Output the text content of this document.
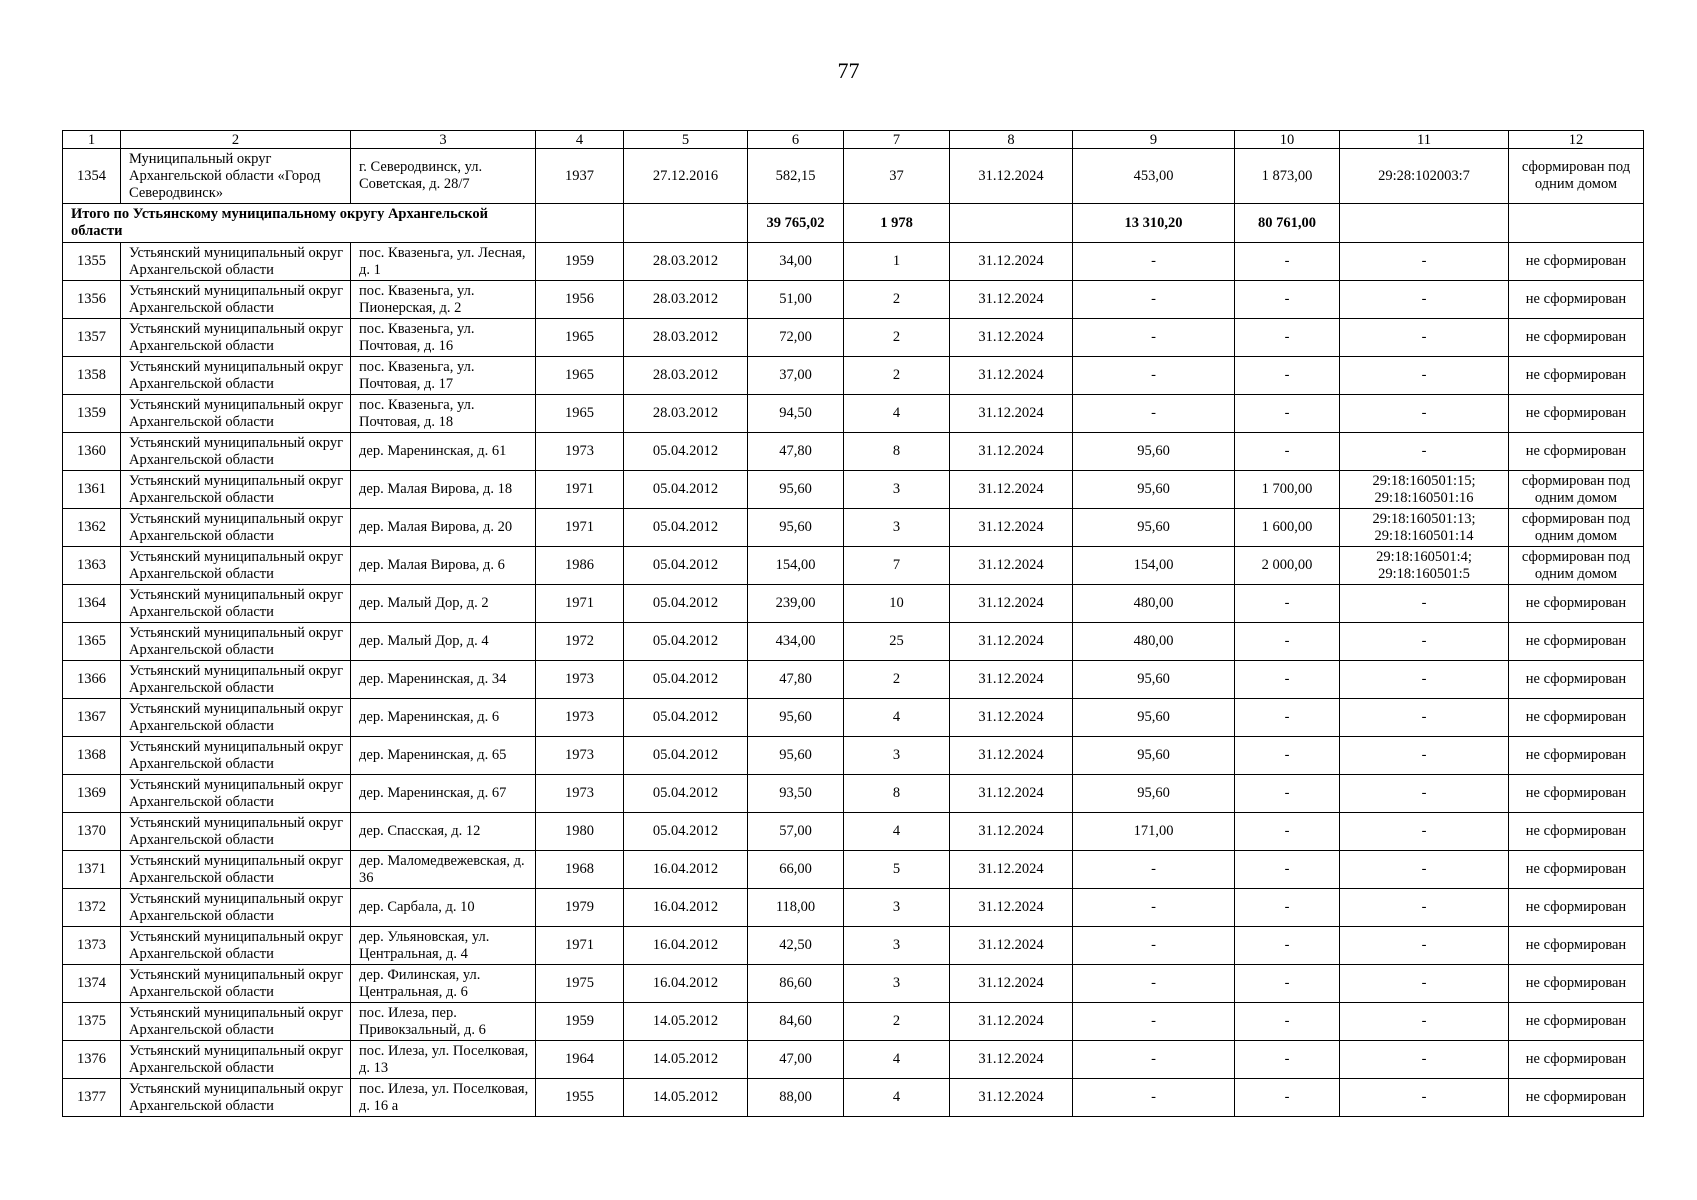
77
1	2	3	4	5	6	7	8	9	10	11	12
1354	Муниципальный округ Архангельской области «Город Северодвинск»	г. Северодвинск, ул. Советская, д. 28/7	1937	27.12.2016	582,15	37	31.12.2024	453,00	1 873,00	29:28:102003:7	сформирован под одним домом
Итого по Устьянскому муниципальному округу Архангельской области					39 765,02	1 978		13 310,20	80 761,00		
1355	Устьянский муниципальный округ Архангельской области	пос. Квазеньга, ул. Лесная, д. 1	1959	28.03.2012	34,00	1	31.12.2024	-	-	-	не сформирован
1356	Устьянский муниципальный округ Архангельской области	пос. Квазеньга, ул. Пионерская, д. 2	1956	28.03.2012	51,00	2	31.12.2024	-	-	-	не сформирован
1357	Устьянский муниципальный округ Архангельской области	пос. Квазеньга, ул. Почтовая, д. 16	1965	28.03.2012	72,00	2	31.12.2024	-	-	-	не сформирован
1358	Устьянский муниципальный округ Архангельской области	пос. Квазеньга, ул. Почтовая, д. 17	1965	28.03.2012	37,00	2	31.12.2024	-	-	-	не сформирован
1359	Устьянский муниципальный округ Архангельской области	пос. Квазеньга, ул. Почтовая, д. 18	1965	28.03.2012	94,50	4	31.12.2024	-	-	-	не сформирован
1360	Устьянский муниципальный округ Архангельской области	дер. Маренинская, д. 61	1973	05.04.2012	47,80	8	31.12.2024	95,60	-	-	не сформирован
1361	Устьянский муниципальный округ Архангельской области	дер. Малая Вирова, д. 18	1971	05.04.2012	95,60	3	31.12.2024	95,60	1 700,00	29:18:160501:15; 29:18:160501:16	сформирован под одним домом
1362	Устьянский муниципальный округ Архангельской области	дер. Малая Вирова, д. 20	1971	05.04.2012	95,60	3	31.12.2024	95,60	1 600,00	29:18:160501:13; 29:18:160501:14	сформирован под одним домом
1363	Устьянский муниципальный округ Архангельской области	дер. Малая Вирова, д. 6	1986	05.04.2012	154,00	7	31.12.2024	154,00	2 000,00	29:18:160501:4; 29:18:160501:5	сформирован под одним домом
1364	Устьянский муниципальный округ Архангельской области	дер. Малый Дор, д. 2	1971	05.04.2012	239,00	10	31.12.2024	480,00	-	-	не сформирован
1365	Устьянский муниципальный округ Архангельской области	дер. Малый Дор, д. 4	1972	05.04.2012	434,00	25	31.12.2024	480,00	-	-	не сформирован
1366	Устьянский муниципальный округ Архангельской области	дер. Маренинская, д. 34	1973	05.04.2012	47,80	2	31.12.2024	95,60	-	-	не сформирован
1367	Устьянский муниципальный округ Архангельской области	дер. Маренинская, д. 6	1973	05.04.2012	95,60	4	31.12.2024	95,60	-	-	не сформирован
1368	Устьянский муниципальный округ Архангельской области	дер. Маренинская, д. 65	1973	05.04.2012	95,60	3	31.12.2024	95,60	-	-	не сформирован
1369	Устьянский муниципальный округ Архангельской области	дер. Маренинская, д. 67	1973	05.04.2012	93,50	8	31.12.2024	95,60	-	-	не сформирован
1370	Устьянский муниципальный округ Архангельской области	дер. Спасская, д. 12	1980	05.04.2012	57,00	4	31.12.2024	171,00	-	-	не сформирован
1371	Устьянский муниципальный округ Архангельской области	дер. Маломедвежевская, д. 36	1968	16.04.2012	66,00	5	31.12.2024	-	-	-	не сформирован
1372	Устьянский муниципальный округ Архангельской области	дер. Сарбала, д. 10	1979	16.04.2012	118,00	3	31.12.2024	-	-	-	не сформирован
1373	Устьянский муниципальный округ Архангельской области	дер. Ульяновская, ул. Центральная, д. 4	1971	16.04.2012	42,50	3	31.12.2024	-	-	-	не сформирован
1374	Устьянский муниципальный округ Архангельской области	дер. Филинская, ул. Центральная, д. 6	1975	16.04.2012	86,60	3	31.12.2024	-	-	-	не сформирован
1375	Устьянский муниципальный округ Архангельской области	пос. Илеза, пер. Привокзальный, д. 6	1959	14.05.2012	84,60	2	31.12.2024	-	-	-	не сформирован
1376	Устьянский муниципальный округ Архангельской области	пос. Илеза, ул. Поселковая, д. 13	1964	14.05.2012	47,00	4	31.12.2024	-	-	-	не сформирован
1377	Устьянский муниципальный округ Архангельской области	пос. Илеза, ул. Поселковая, д. 16 а	1955	14.05.2012	88,00	4	31.12.2024	-	-	-	не сформирован
